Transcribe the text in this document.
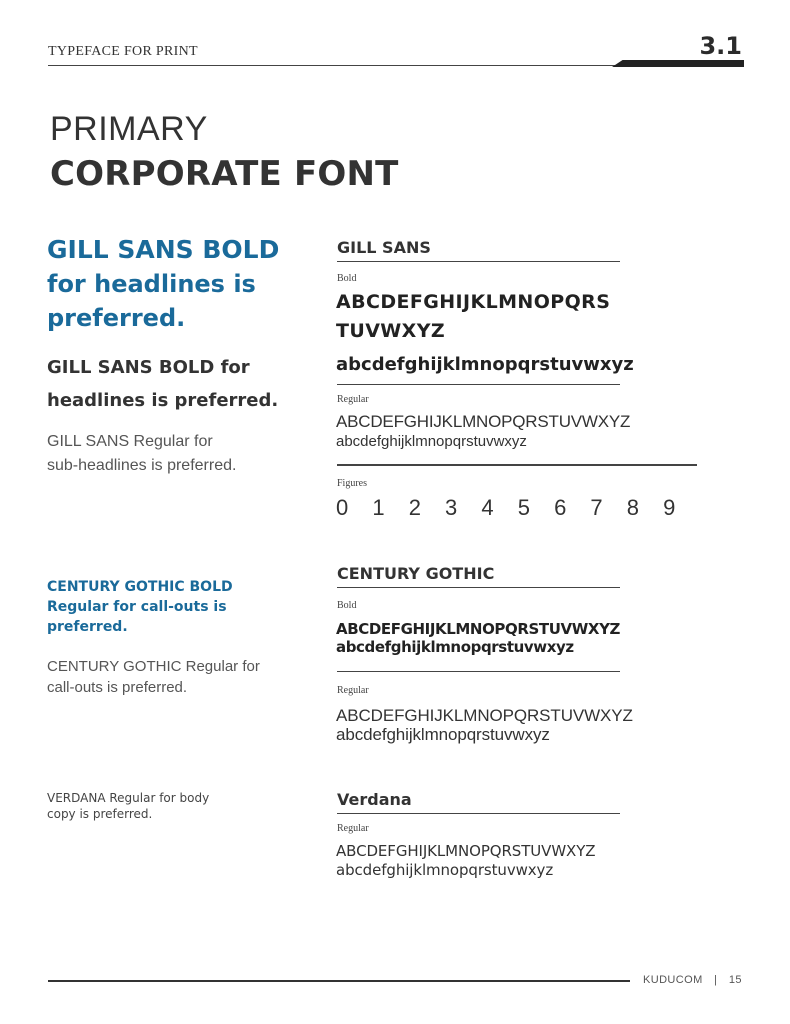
TYPEFACE FOR PRINT	3.1
PRIMARY
CORPORATE FONT
GILL SANS BOLD
for headlines is
preferred.
GILL SANS BOLD for
headlines is preferred.
GILL SANS Regular for
sub-headlines is preferred.
CENTURY GOTHIC BOLD
Regular for call-outs is
preferred.
CENTURY GOTHIC Regular for
call-outs is preferred.
VERDANA Regular for body
copy is preferred.
GILL SANS
Bold
ABCDEFGHIJKLMNOPQRS
TUVWXYZ
abcdefghijklmnopqrstuvwxyz
Regular
ABCDEFGHIJKLMNOPQRSTUVWXYZ
abcdefghijklmnopqrstuvwxyz
Figures
0 1 2 3 4 5 6 7 8 9
CENTURY GOTHIC
Bold
ABCDEFGHIJKLMNOPQRSTUVWXYZ
abcdefghijklmnopqrstuvwxyz
Regular
ABCDEFGHIJKLMNOPQRSTUVWXYZ
abcdefghijklmnopqrstuvwxyz
Verdana
Regular
ABCDEFGHIJKLMNOPQRSTUVWXYZ
abcdefghijklmnopqrstuvwxyz
KUDUCOM | 15
